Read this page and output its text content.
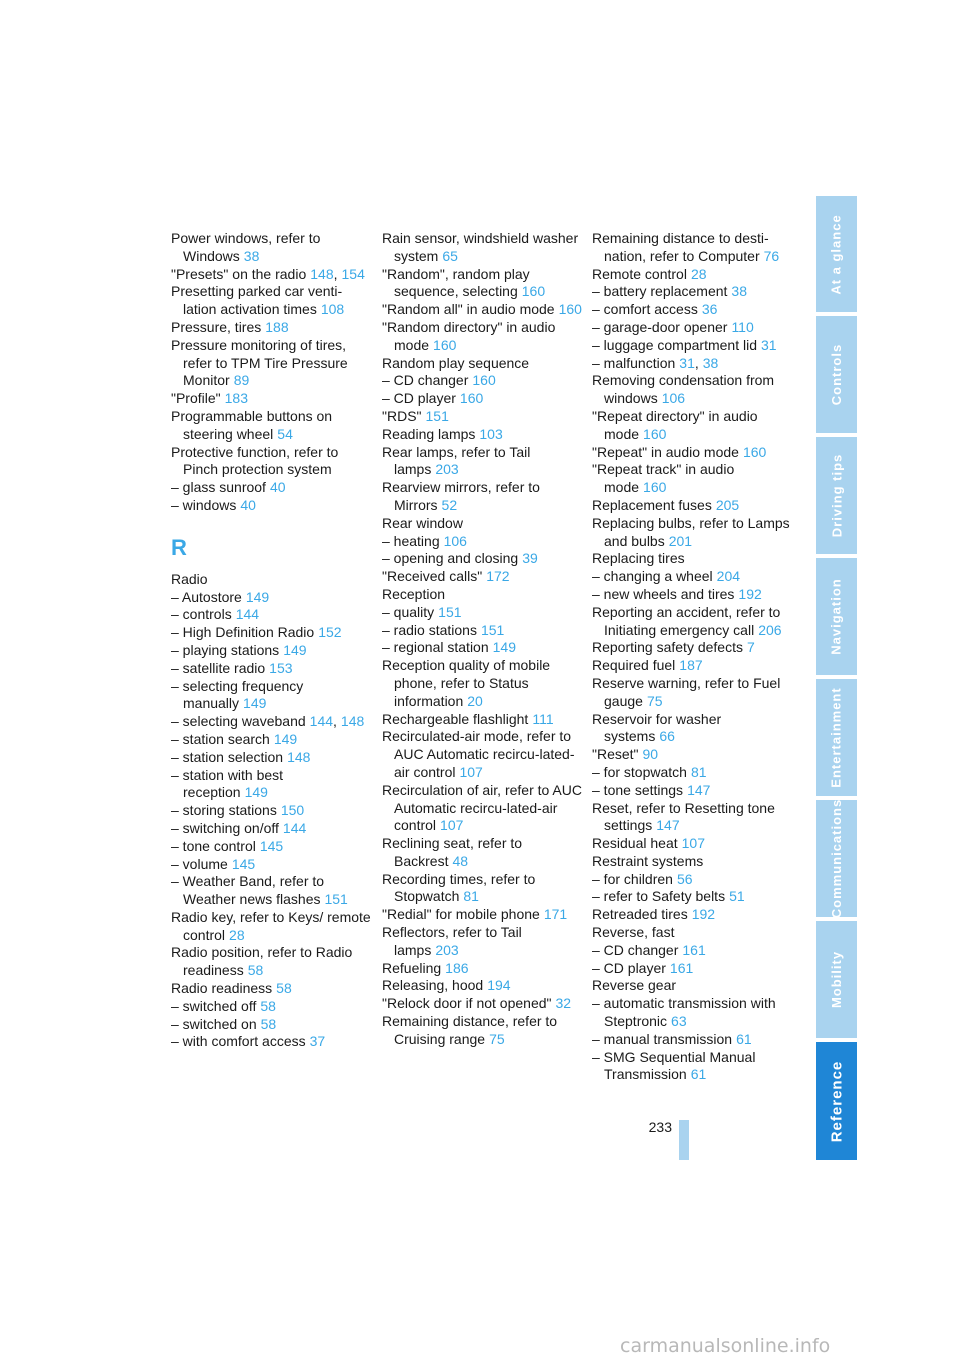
Power windows, refer to Windows 38
"Presets" on the radio 148, 154
Presetting parked car venti-lation activation times 108
Pressure, tires 188
Pressure monitoring of tires, refer to TPM Tire Pressure Monitor 89
"Profile" 183
Programmable buttons on steering wheel 54
Protective function, refer to Pinch protection system
– glass sunroof 40
– windows 40
R
Radio
– Autostore 149
– controls 144
– High Definition Radio 152
– playing stations 149
– satellite radio 153
– selecting frequency manually 149
– selecting waveband 144, 148
– station search 149
– station selection 148
– station with best reception 149
– storing stations 150
– switching on/off 144
– tone control 145
– volume 145
– Weather Band, refer to Weather news flashes 151
Radio key, refer to Keys/ remote control 28
Radio position, refer to Radio readiness 58
Radio readiness 58
– switched off 58
– switched on 58
– with comfort access 37
Rain sensor, windshield washer system 65
"Random", random play sequence, selecting 160
"Random all" in audio mode 160
"Random directory" in audio mode 160
Random play sequence
– CD changer 160
– CD player 160
"RDS" 151
Reading lamps 103
Rear lamps, refer to Tail lamps 203
Rearview mirrors, refer to Mirrors 52
Rear window
– heating 106
– opening and closing 39
"Received calls" 172
Reception
– quality 151
– radio stations 151
– regional station 149
Reception quality of mobile phone, refer to Status information 20
Rechargeable flashlight 111
Recirculated-air mode, refer to AUC Automatic recircu-lated-air control 107
Recirculation of air, refer to AUC Automatic recircu-lated-air control 107
Reclining seat, refer to Backrest 48
Recording times, refer to Stopwatch 81
"Redial" for mobile phone 171
Reflectors, refer to Tail lamps 203
Refueling 186
Releasing, hood 194
"Relock door if not opened" 32
Remaining distance, refer to Cruising range 75
Remaining distance to desti-nation, refer to Computer 76
Remote control 28
– battery replacement 38
– comfort access 36
– garage-door opener 110
– luggage compartment lid 31
– malfunction 31, 38
Removing condensation from windows 106
"Repeat directory" in audio mode 160
"Repeat" in audio mode 160
"Repeat track" in audio mode 160
Replacement fuses 205
Replacing bulbs, refer to Lamps and bulbs 201
Replacing tires
– changing a wheel 204
– new wheels and tires 192
Reporting an accident, refer to Initiating emergency call 206
Reporting safety defects 7
Required fuel 187
Reserve warning, refer to Fuel gauge 75
Reservoir for washer systems 66
"Reset" 90
– for stopwatch 81
– tone settings 147
Reset, refer to Resetting tone settings 147
Residual heat 107
Restraint systems
– for children 56
– refer to Safety belts 51
Retreaded tires 192
Reverse, fast
– CD changer 161
– CD player 161
Reverse gear
– automatic transmission with Steptronic 63
– manual transmission 61
– SMG Sequential Manual Transmission 61
At a glance
Controls
Driving tips
Navigation
Entertainment
Communications
Mobility
Reference
233
carmanualsonline.info
